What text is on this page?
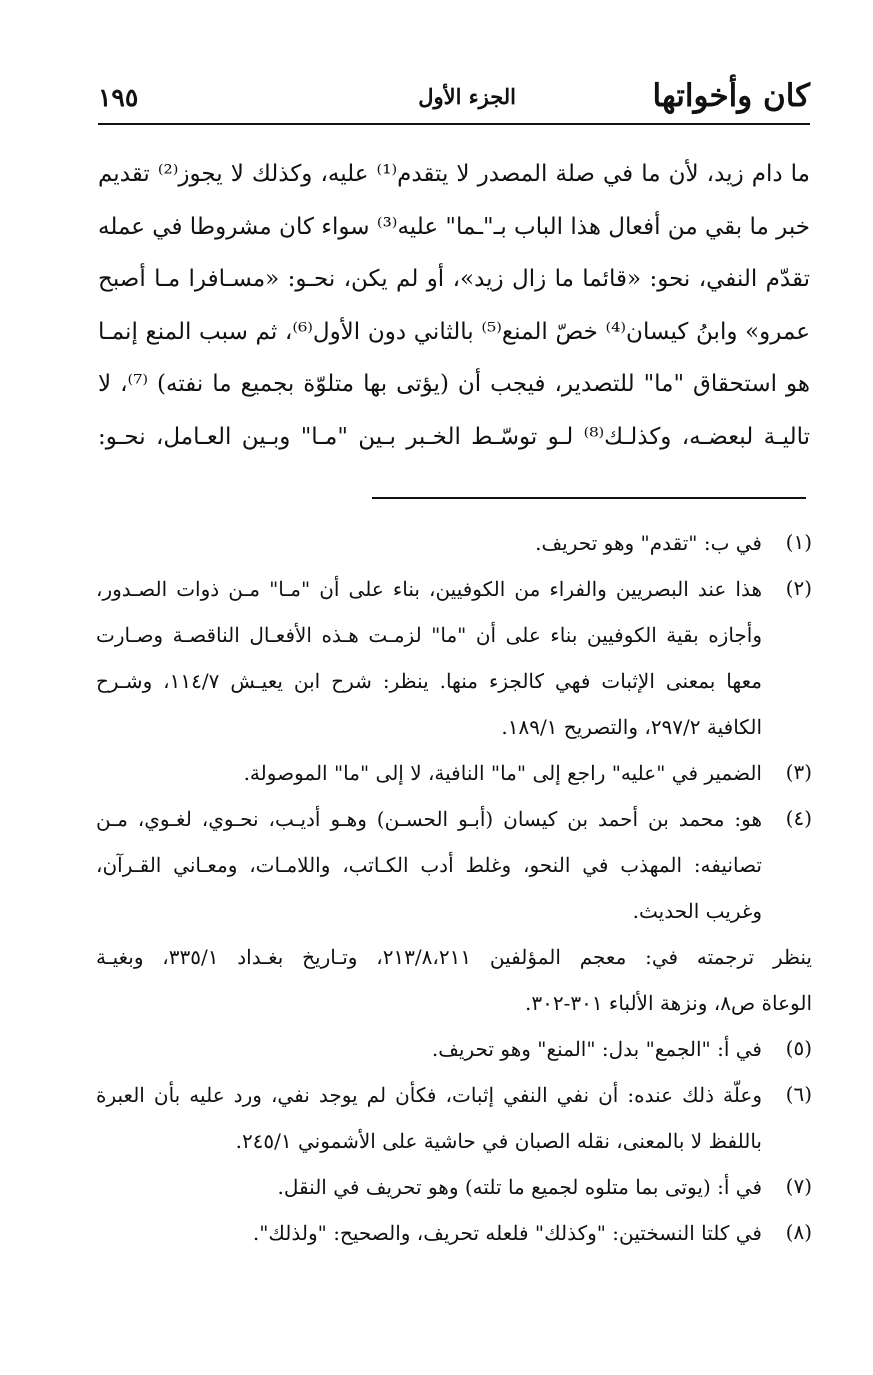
كان وأخواتها
الجزء الأول
١٩٥
ما دام زيد، لأن ما في صلة المصدر لا يتقدم⁽¹⁾ عليه، وكذلك لا يجوز⁽²⁾ تقديم
خبر ما بقي من أفعال هذا الباب بـ"ـما" عليه⁽³⁾ سواء كان مشروطا في عمله
تقدّم النفي، نحو: «قائما ما زال زيد»، أو لم يكن، نحـو: «مسـافرا مـا أصبح
عمرو» وابنُ كيسان⁽⁴⁾ خصّ المنع⁽⁵⁾ بالثاني دون الأول⁽⁶⁾، ثم سبب المنع إنمـا
هو استحقاق "ما" للتصدير، فيجب أن (يؤتى بها متلوّة بجميع ما نفته) ⁽⁷⁾، لا
تاليـة لبعضـه، وكذلـك⁽⁸⁾ لـو توسّـط الخـبر بـين "مـا" وبـين العـامل، نحـو:
(١)
في ب: "تقدم" وهو تحريف.
(٢)
هذا عند البصريين والفراء من الكوفيين، بناء على أن "مـا" مـن ذوات الصـدور،
وأجازه بقية الكوفيين بناء على أن "ما" لزمـت هـذه الأفعـال الناقصـة وصـارت
معها بمعنى الإثبات فهي كالجزء منها. ينظر: شرح ابن يعيـش ١١٤/٧، وشـرح
الكافية ٢٩٧/٢، والتصريح ١٨٩/١.
(٣)
الضمير في "عليه" راجع إلى "ما" النافية، لا إلى "ما" الموصولة.
(٤)
هو: محمد بن أحمد بن كيسان (أبـو الحسـن) وهـو أديـب، نحـوي، لغـوي، مـن
تصانيفه: المهذب في النحو، وغلط أدب الكـاتب، واللامـات، ومعـاني القـرآن،
وغريب الحديث.
ينظر ترجمته في: معجم المؤلفين ٢١٣/٨،٢١١، وتـاريخ بغـداد ٣٣٥/١، وبغيـة
الوعاة ص٨، ونزهة الألباء ٣٠١-٣٠٢.
(٥)
في أ: "الجمع" بدل: "المنع" وهو تحريف.
(٦)
وعلّة ذلك عنده: أن نفي النفي إثبات، فكأن لم يوجد نفي، ورد عليه بأن العبرة
باللفظ لا بالمعنى، نقله الصبان في حاشية على الأشموني ٢٤٥/١.
(٧)
في أ: (يوتى بما متلوه لجميع ما تلته) وهو تحريف في النقل.
(٨)
في كلتا النسختين: "وكذلك" فلعله تحريف، والصحيح: "ولذلك".
